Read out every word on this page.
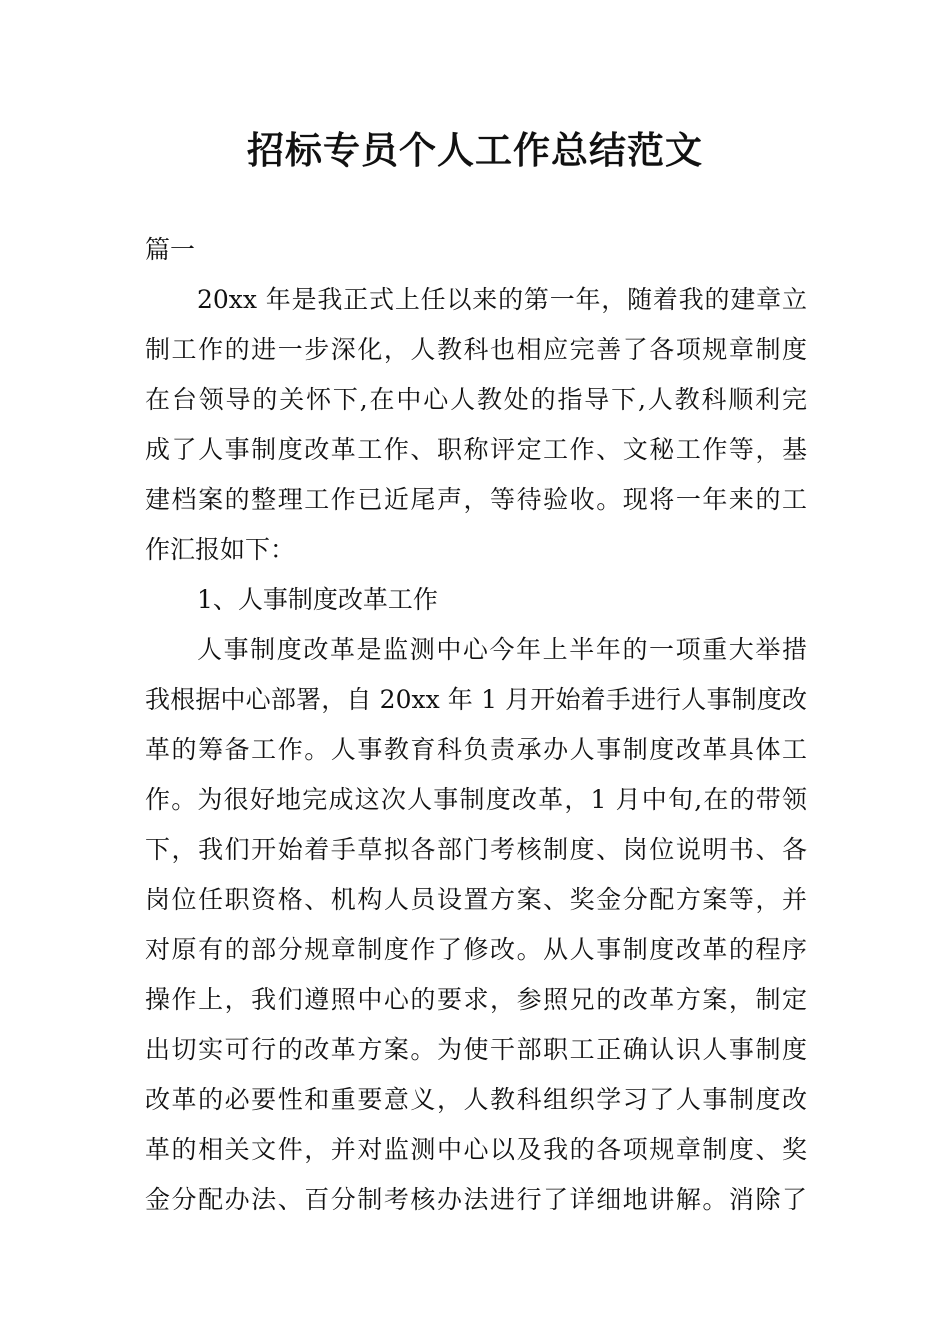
招标专员个人工作总结范文
篇一
20xx 年是我正式上任以来的第一年，随着我的建章立
制工作的进一步深化，人教科也相应完善了各项规章制度
在台领导的关怀下,在中心人教处的指导下,人教科顺利完
成了人事制度改革工作、职称评定工作、文秘工作等，基
建档案的整理工作已近尾声，等待验收。现将一年来的工
作汇报如下：
1、人事制度改革工作
人事制度改革是监测中心今年上半年的一项重大举措
我根据中心部署，自 20xx 年 1 月开始着手进行人事制度改
革的筹备工作。人事教育科负责承办人事制度改革具体工
作。为很好地完成这次人事制度改革，1 月中旬,在的带领
下，我们开始着手草拟各部门考核制度、岗位说明书、各
岗位任职资格、机构人员设置方案、奖金分配方案等，并
对原有的部分规章制度作了修改。从人事制度改革的程序
操作上，我们遵照中心的要求，参照兄的改革方案，制定
出切实可行的改革方案。为使干部职工正确认识人事制度
改革的必要性和重要意义，人教科组织学习了人事制度改
革的相关文件，并对监测中心以及我的各项规章制度、奖
金分配办法、百分制考核办法进行了详细地讲解。消除了
